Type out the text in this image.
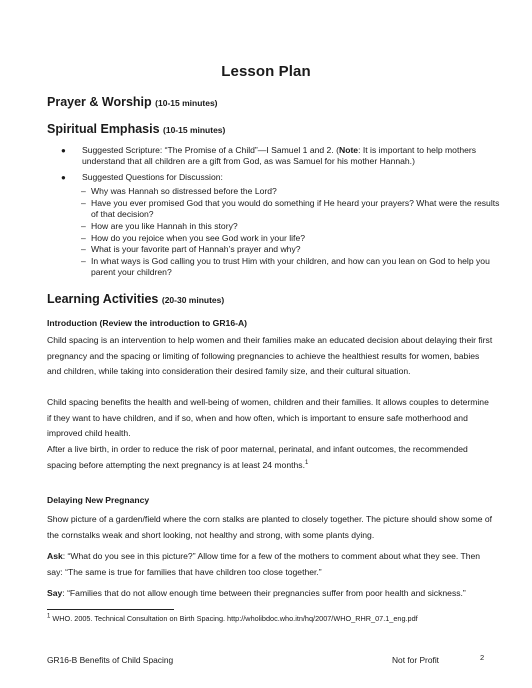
Lesson Plan
Prayer & Worship (10-15 minutes)
Spiritual Emphasis (10-15 minutes)
● Suggested Scripture: “The Promise of a Child”—I Samuel 1 and 2. (Note: It is important to help mothers understand that all children are a gift from God, as was Samuel for his mother Hannah.)
● Suggested Questions for Discussion:
– Why was Hannah so distressed before the Lord?
– Have you ever promised God that you would do something if He heard your prayers? What were the results of that decision?
– How are you like Hannah in this story?
– How do you rejoice when you see God work in your life?
– What is your favorite part of Hannah’s prayer and why?
– In what ways is God calling you to trust Him with your children, and how can you lean on God to help you parent your children?
Learning Activities (20-30 minutes)
Introduction (Review the introduction to GR16-A)
Child spacing is an intervention to help women and their families make an educated decision about delaying their first pregnancy and the spacing or limiting of following pregnancies to achieve the healthiest results for women, babies and children, while taking into consideration their desired family size, and their cultural situation.
Child spacing benefits the health and well-being of women, children and their families. It allows couples to determine if they want to have children, and if so, when and how often, which is important to ensure safe motherhood and improved child health.
After a live birth, in order to reduce the risk of poor maternal, perinatal, and infant outcomes, the recommended spacing before attempting the next pregnancy is at least 24 months.$^1$
Delaying New Pregnancy
Show picture of a garden/field where the corn stalks are planted to closely together. The picture should show some of the cornstalks weak and short looking, not healthy and strong, with some plants dying.
Ask: “What do you see in this picture?” Allow time for a few of the mothers to comment about what they see. Then say: “The same is true for families that have children too close together.”
Say: “Families that do not allow enough time between their pregnancies suffer from poor health and sickness.”
$^1$ WHO. 2005. Technical Consultation on Birth Spacing. http://wholibdoc.who.itn/hq/2007/WHO_RHR_07.1_eng.pdf
GR16-B Benefits of Child Spacing	Not for Profit	2
